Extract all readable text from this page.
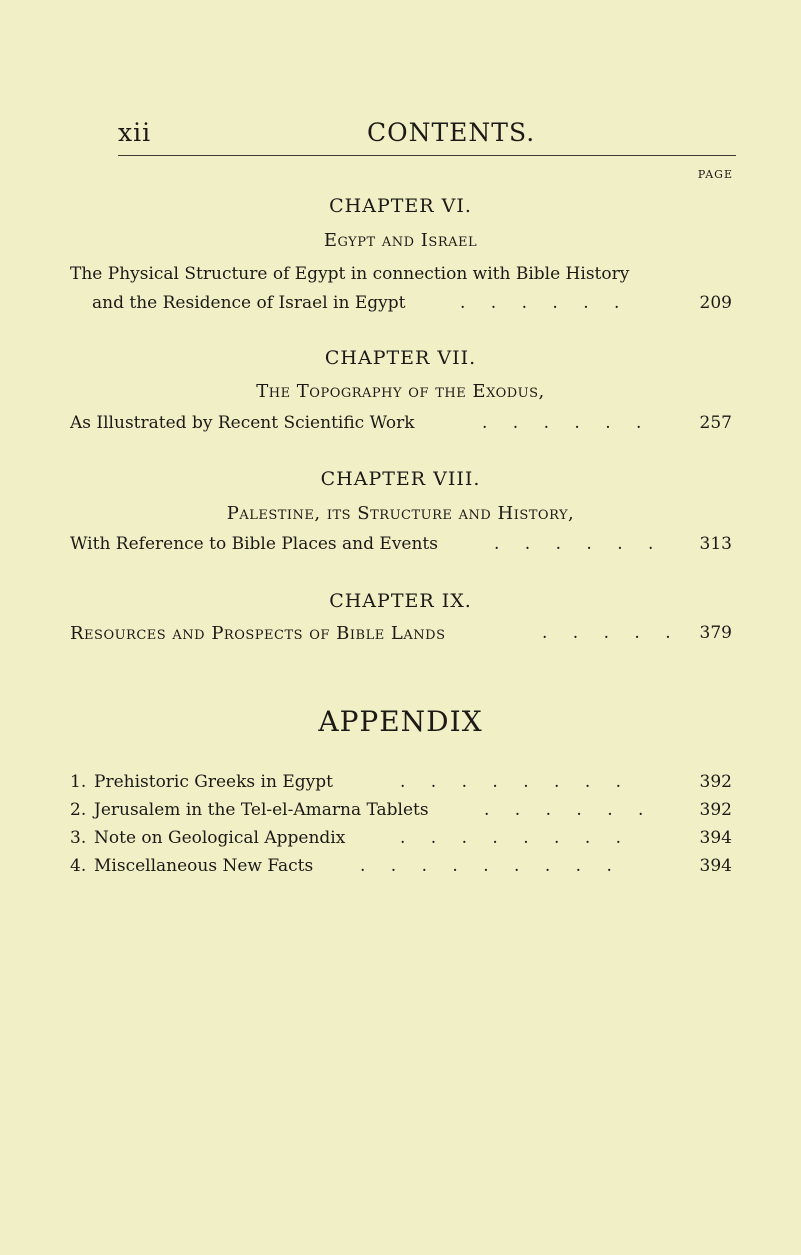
xii	CONTENTS.
PAGE
CHAPTER VI.
Egypt and Israel
The Physical Structure of Egypt in connection with Bible History
and the Residence of Israel in Egypt	. . . . . .	209
CHAPTER VII.
The Topography of the Exodus,
As Illustrated by Recent Scientific Work	. . . . . .	257
CHAPTER VIII.
Palestine, its Structure and History,
With Reference to Bible Places and Events	. . . . . . 313
CHAPTER IX.
Resources and Prospects of Bible Lands	. . . . . 379
APPENDIX
1. Prehistoric Greeks in Egypt	. . . . . . . .	392
2. Jerusalem in the Tel-el-Amarna Tablets	. . . . . .	392
3. Note on Geological Appendix	. . . . . . . .	394
4. Miscellaneous New Facts	. . . . . . . . .	394
